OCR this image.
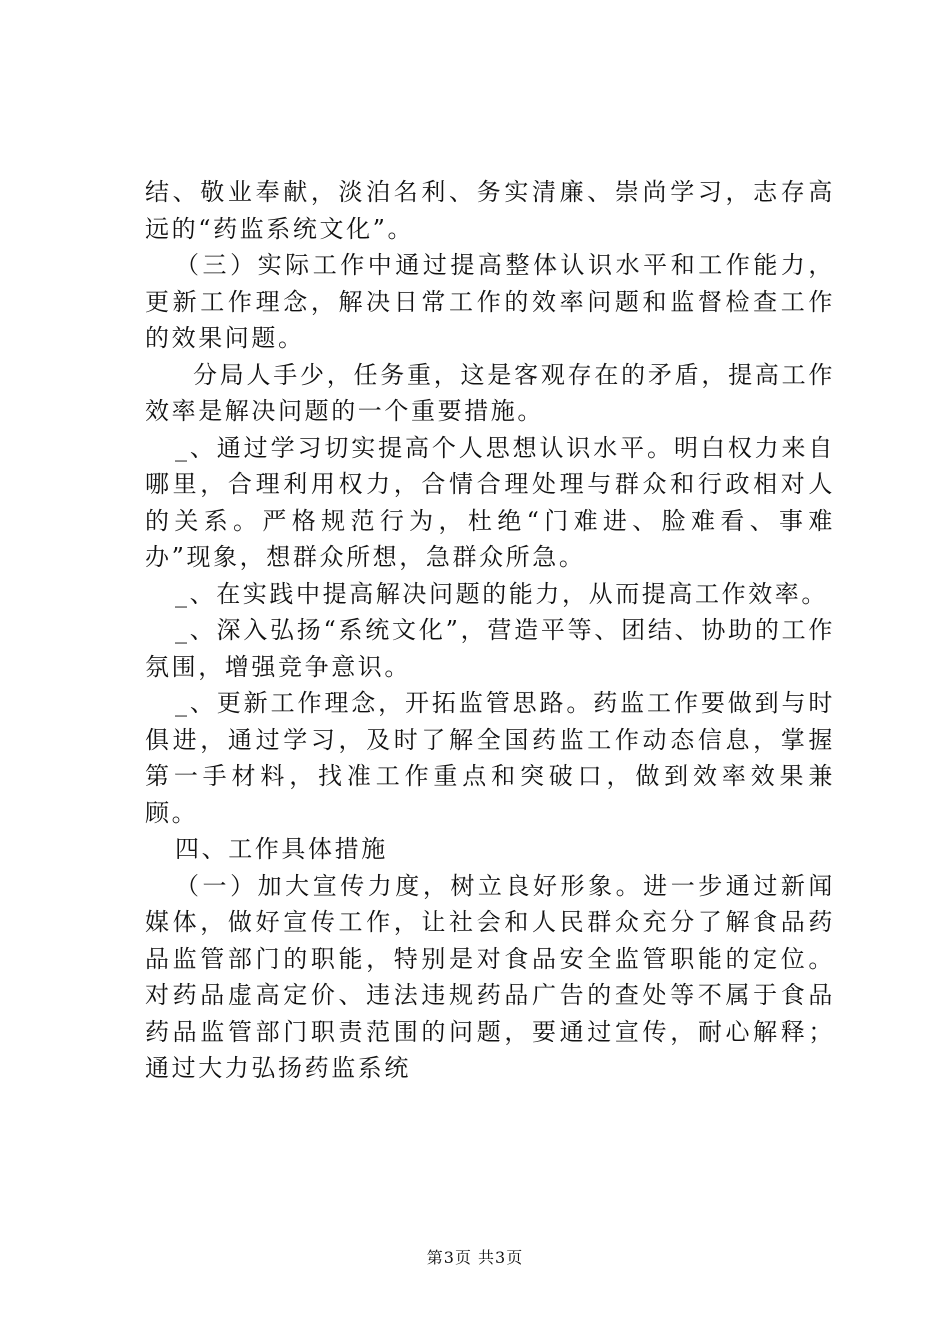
结、敬业奉献，淡泊名利、务实清廉、崇尚学习，志存高远的“药监系统文化”。

（三）实际工作中通过提高整体认识水平和工作能力，更新工作理念，解决日常工作的效率问题和监督检查工作的效果问题。

分局人手少，任务重，这是客观存在的矛盾，提高工作效率是解决问题的一个重要措施。

_、通过学习切实提高个人思想认识水平。明白权力来自哪里，合理利用权力，合情合理处理与群众和行政相对人的关系。严格规范行为，杜绝“门难进、脸难看、事难办”现象，想群众所想，急群众所急。

_、在实践中提高解决问题的能力，从而提高工作效率。

_、深入弘扬“系统文化”，营造平等、团结、协助的工作氛围，增强竞争意识。

_、更新工作理念，开拓监管思路。药监工作要做到与时俱进，通过学习，及时了解全国药监工作动态信息，掌握第一手材料，找准工作重点和突破口，做到效率效果兼顾。

四、工作具体措施

（一）加大宣传力度，树立良好形象。进一步通过新闻媒体，做好宣传工作，让社会和人民群众充分了解食品药品监管部门的职能，特别是对食品安全监管职能的定位。对药品虚高定价、违法违规药品广告的查处等不属于食品药品监管部门职责范围的问题，要通过宣传，耐心解释；通过大力弘扬药监系统

第3页 共3页
